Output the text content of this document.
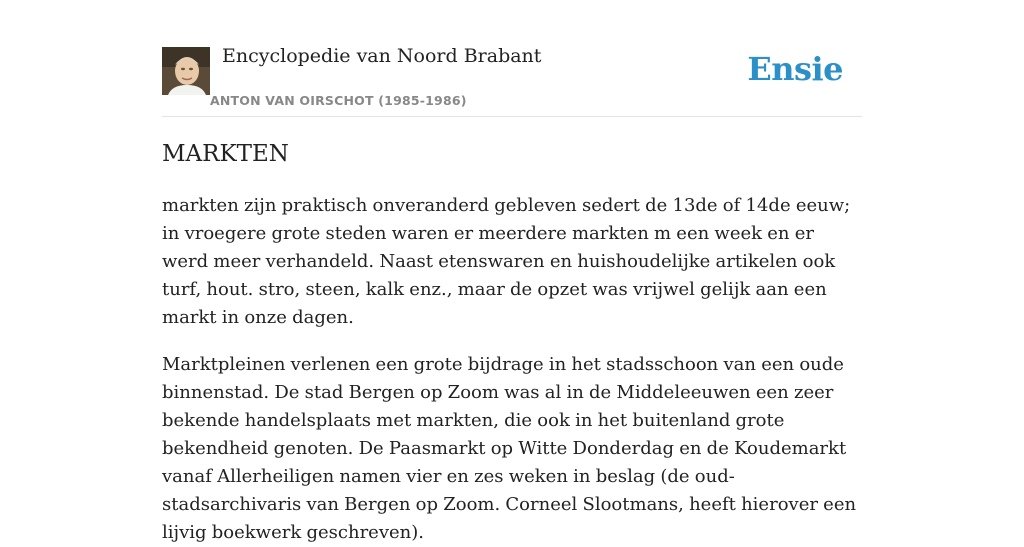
Encyclopedie van Noord Brabant
ANTON VAN OIRSCHOT (1985-1986)
Ensie
MARKTEN

markten zijn praktisch onveranderd gebleven sedert de 13de of 14de eeuw; in vroegere grote steden waren er meerdere markten m een week en er werd meer verhandeld. Naast etenswaren en huishoudelijke artikelen ook turf, hout. stro, steen, kalk enz., maar de opzet was vrijwel gelijk aan een markt in onze dagen.

Marktpleinen verlenen een grote bijdrage in het stadsschoon van een oude binnenstad. De stad Bergen op Zoom was al in de Middeleeuwen een zeer bekende handelsplaats met markten, die ook in het buitenland grote bekendheid genoten. De Paasmarkt op Witte Donderdag en de Koudemarkt vanaf Allerheiligen namen vier en zes weken in beslag (de oud-stadsarchivaris van Bergen op Zoom. Corneel Slootmans, heeft hierover een lijvig boekwerk geschreven).
